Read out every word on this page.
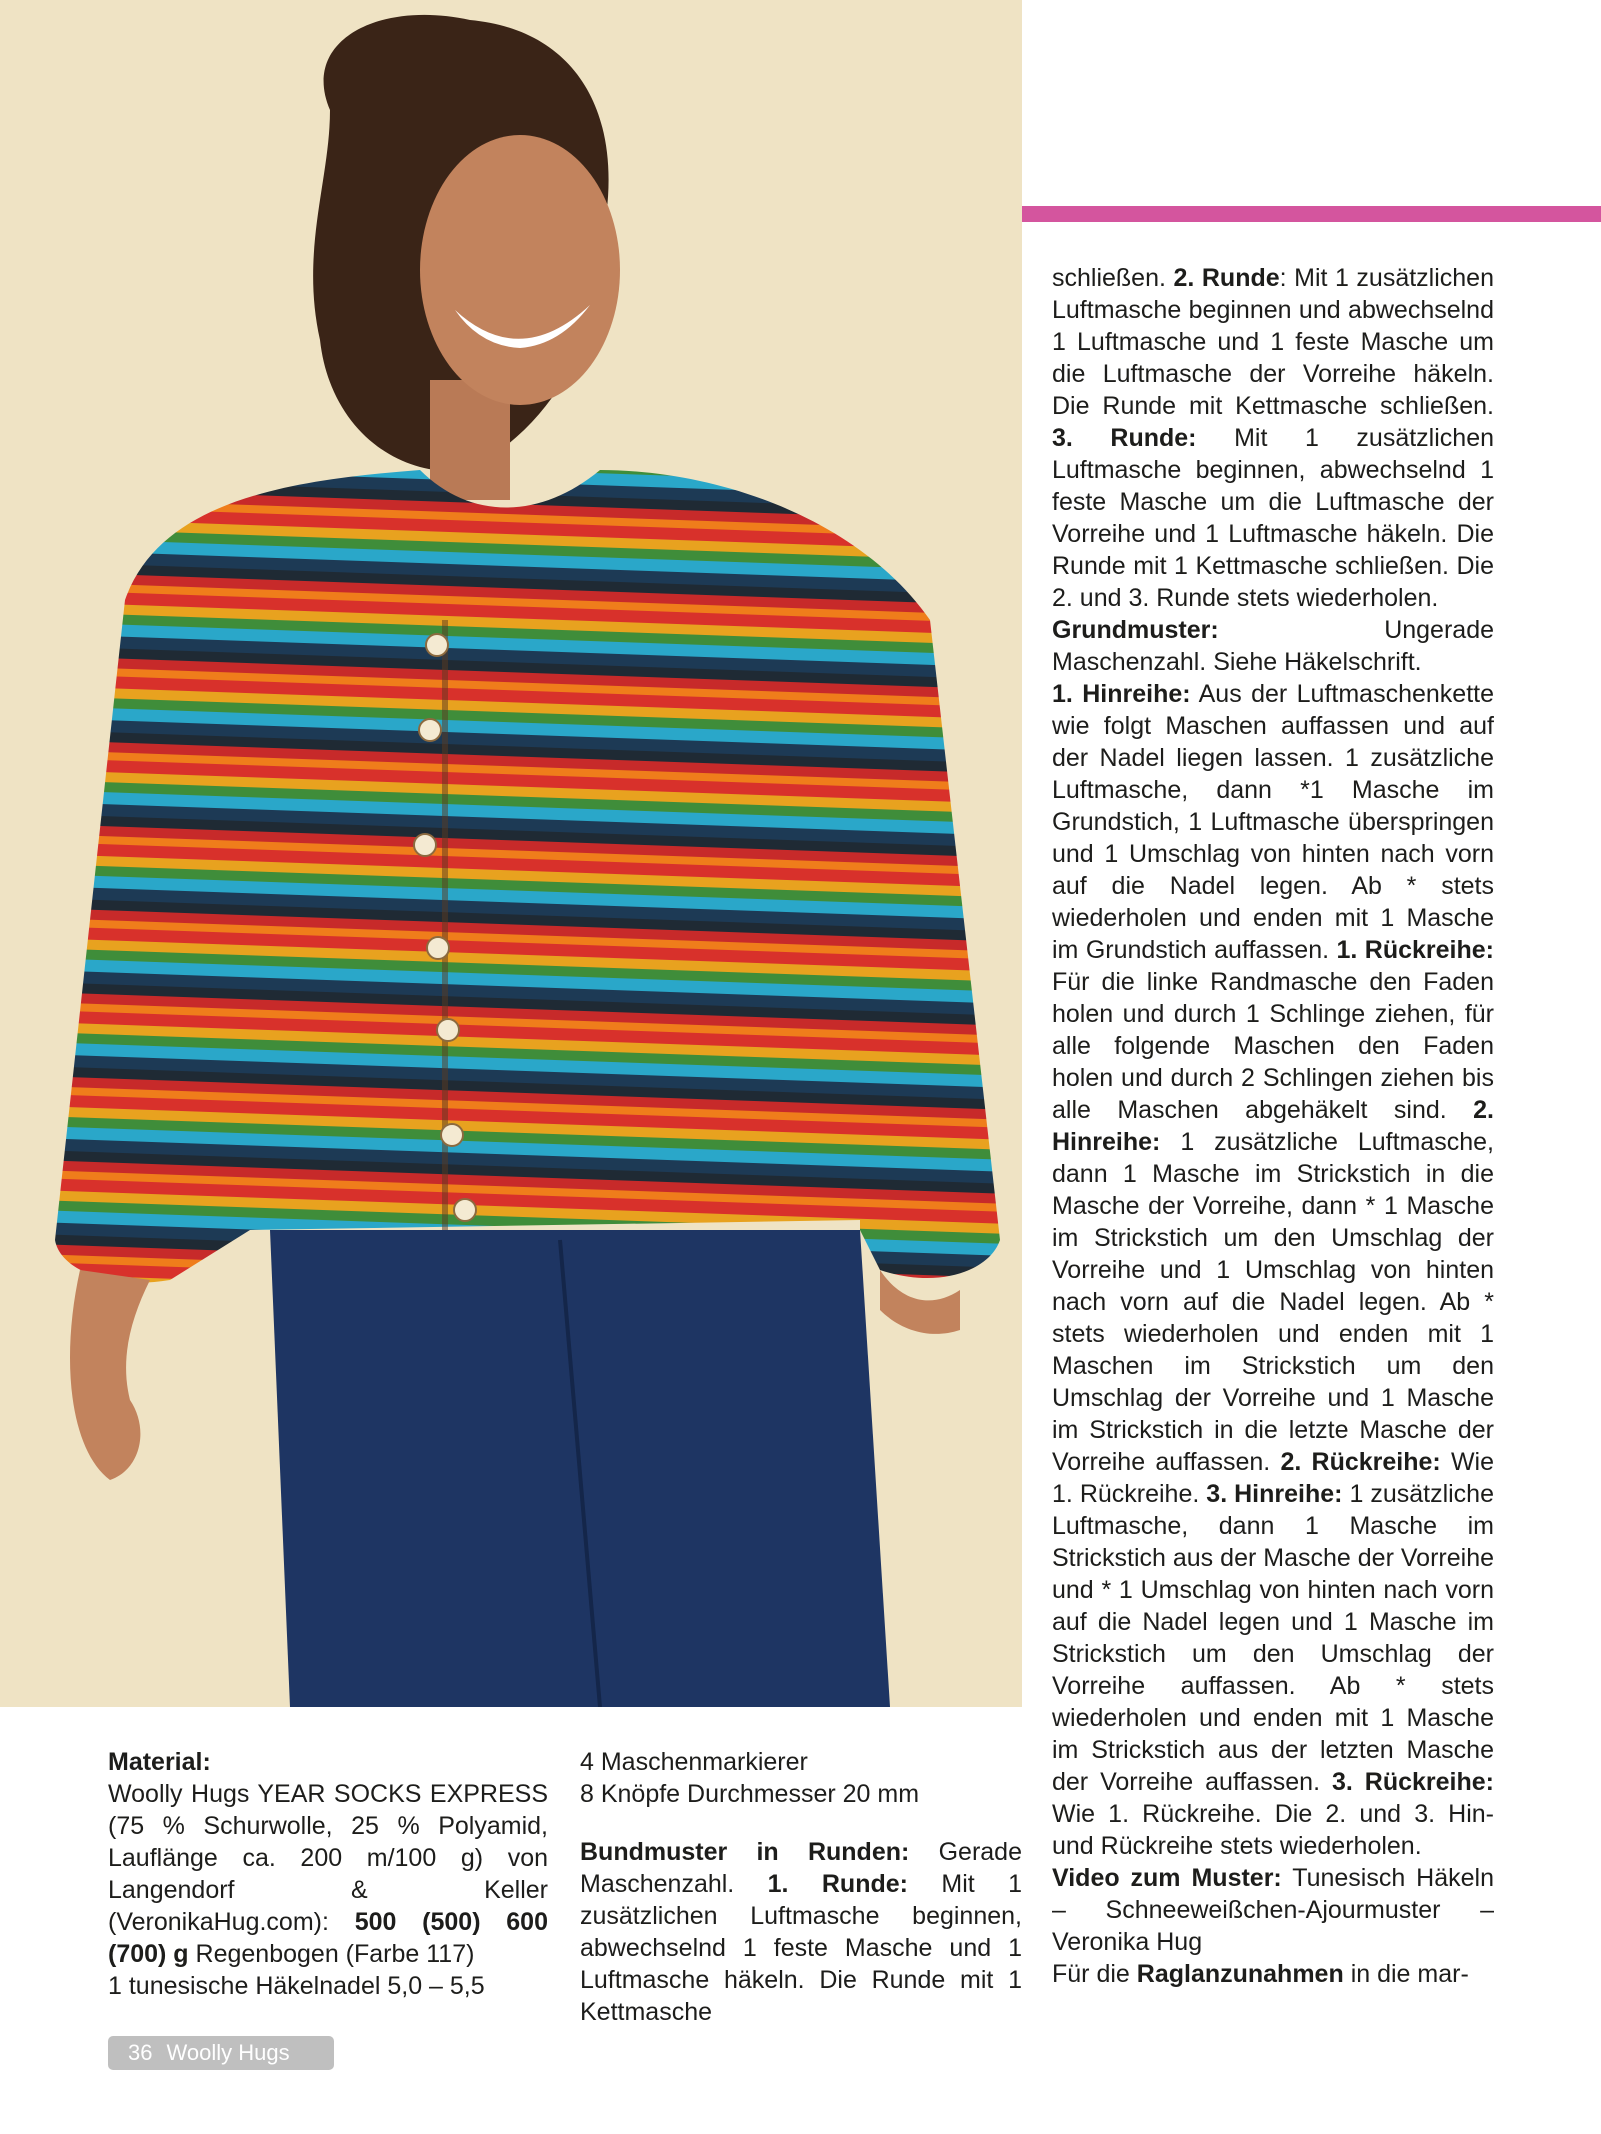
schließen. 2. Runde: Mit 1 zusätzlichen Luftmasche beginnen und abwechselnd 1 Luftmasche und 1 feste Masche um die Luftmasche der Vorreihe häkeln. Die Runde mit Kettmasche schließen. 3. Runde: Mit 1 zusätzlichen Luftmasche beginnen, abwechselnd 1 feste Masche um die Luftmasche der Vorreihe und 1 Luftmasche häkeln. Die Runde mit 1 Kettmasche schließen. Die 2. und 3. Runde stets wiederholen.
Grundmuster: Ungerade Maschenzahl. Siehe Häkelschrift.
1. Hinreihe: Aus der Luftmaschenkette wie folgt Maschen auffassen und auf der Nadel liegen lassen. 1 zusätzliche Luftmasche, dann *1 Masche im Grundstich, 1 Luftmasche überspringen und 1 Umschlag von hinten nach vorn auf die Nadel legen. Ab * stets wiederholen und enden mit 1 Masche im Grundstich auffassen. 1. Rückreihe: Für die linke Randmasche den Faden holen und durch 1 Schlinge ziehen, für alle folgende Maschen den Faden holen und durch 2 Schlingen ziehen bis alle Maschen abgehäkelt sind. 2. Hinreihe: 1 zusätzliche Luftmasche, dann 1 Masche im Strickstich in die Masche der Vorreihe, dann * 1 Masche im Strickstich um den Umschlag der Vorreihe und 1 Umschlag von hinten nach vorn auf die Nadel legen. Ab * stets wiederholen und enden mit 1 Maschen im Strickstich um den Umschlag der Vorreihe und 1 Masche im Strickstich in die letzte Masche der Vorreihe auffassen. 2. Rückreihe: Wie 1. Rückreihe. 3. Hinreihe: 1 zusätzliche Luftmasche, dann 1 Masche im Strickstich aus der Masche der Vorreihe und * 1 Umschlag von hinten nach vorn auf die Nadel legen und 1 Masche im Strickstich um den Umschlag der Vorreihe auffassen. Ab * stets wiederholen und enden mit 1 Masche im Strickstich aus der letzten Masche der Vorreihe auffassen. 3. Rückreihe: Wie 1. Rückreihe. Die 2. und 3. Hin- und Rückreihe stets wiederholen.
Video zum Muster: Tunesisch Häkeln – Schneeweißchen-Ajourmuster – Veronika Hug
Für die Raglanzunahmen in die mar-
Material:
Woolly Hugs YEAR SOCKS EXPRESS (75 % Schurwolle, 25 % Polyamid, Lauflänge ca. 200 m/100 g) von Langendorf & Keller (VeronikaHug.com): 500 (500) 600 (700) g Regenbogen (Farbe 117)
1 tunesische Häkelnadel 5,0 – 5,5
4 Maschenmarkierer
8 Knöpfe Durchmesser 20 mm
Bundmuster in Runden: Gerade Maschenzahl. 1. Runde: Mit 1 zusätzlichen Luftmasche beginnen, abwechselnd 1 feste Masche und 1 Luftmasche häkeln. Die Runde mit 1 Kettmasche
36 Woolly Hugs
